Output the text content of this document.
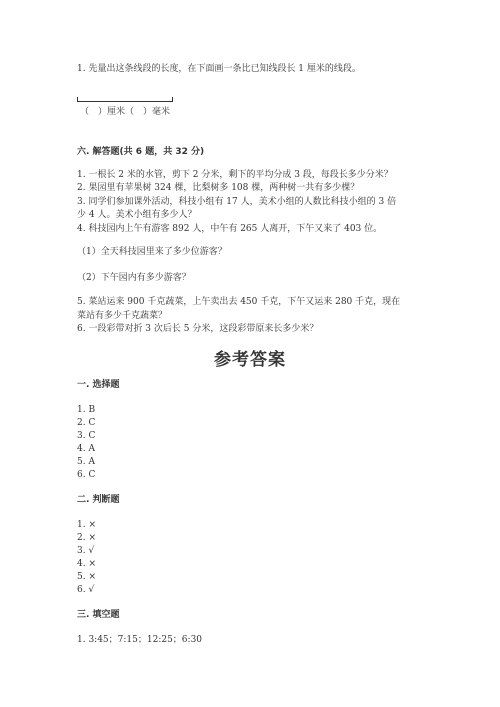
1. 先量出这条线段的长度，在下面画一条比已知线段长 1 厘米的线段。
（　）厘米（　）毫米
六. 解答题(共 6 题，共 32 分)
1. 一根长 2 米的水管，剪下 2 分米，剩下的平均分成 3 段，每段长多少分米？
2. 果园里有苹果树 324 棵，比梨树多 108 棵，两种树一共有多少棵？
3. 同学们参加课外活动，科技小组有 17 人，美术小组的人数比科技小组的 3 倍
少 4 人。美术小组有多少人？
4. 科技园内上午有游客 892 人，中午有 265 人离开，下午又来了 403 位。
（1）全天科技园里来了多少位游客？
（2）下午园内有多少游客？
5. 菜站运来 900 千克蔬菜，上午卖出去 450 千克，下午又运来 280 千克，现在
菜站有多少千克蔬菜？
6. 一段彩带对折 3 次后长 5 分米，这段彩带原来长多少米？
参考答案
一. 选择题
1. B
2. C
3. C
4. A
5. A
6. C
二. 判断题
1. ×
2. ×
3. √
4. ×
5. ×
6. √
三. 填空题
1. 3:45；7:15；12:25；6:30
